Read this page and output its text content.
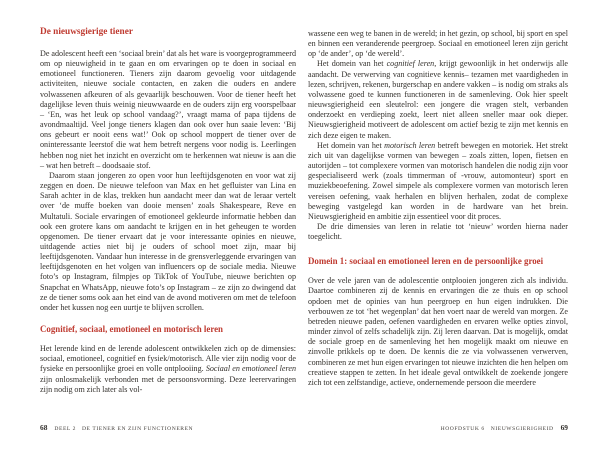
De nieuwsgierige tiener

De adolescent heeft een ‘sociaal brein’ dat als het ware is voorgeprogrammeerd om op nieuwigheid in te gaan en om ervaringen op te doen in sociaal en emotioneel functioneren. Tieners zijn daarom gevoelig voor uitdagende activiteiten, nieuwe sociale contacten, en zaken die ouders en andere volwassenen afkeuren of als gevaarlijk beschouwen. Voor de tiener heeft het dagelijkse leven thuis weinig nieuwwaarde en de ouders zijn erg voorspelbaar – ‘En, was het leuk op school vandaag?’, vraagt mama of papa tijdens de avondmaaltijd. Veel jonge tieners klagen dan ook over hun saaie leven: ‘Bij ons gebeurt er nooit eens wat!’ Ook op school moppert de tiener over de oninteressante leerstof die wat hem betreft nergens voor nodig is. Leerlingen hebben nog niet het inzicht en overzicht om te herkennen wat nieuw is aan die – wat hen betreft – doodsaaie stof.

Daarom staan jongeren zo open voor hun leeftijdsgenoten en voor wat zij zeggen en doen. De nieuwe telefoon van Max en het gefluister van Lina en Sarah achter in de klas, trekken hun aandacht meer dan wat de leraar vertelt over ‘de muffe boeken van dooie mensen’ zoals Shakespeare, Reve en Multatuli. Sociale ervaringen of emotioneel gekleurde informatie hebben dan ook een grotere kans om aandacht te krijgen en in het geheugen te worden opgenomen. De tiener ervaart dat je voor interessante opinies en nieuwe, uitdagende acties niet bij je ouders of school moet zijn, maar bij leeftijdsgenoten. Vandaar hun interesse in de grensverleggende ervaringen van leeftijdsgenoten en het volgen van influencers op de sociale media. Nieuwe foto’s op Instagram, filmpjes op TikTok of YouTube, nieuwe berichten op Snapchat en WhatsApp, nieuwe foto’s op Instagram – ze zijn zo dwingend dat ze de tiener soms ook aan het eind van de avond motiveren om met de telefoon onder het kussen nog een uurtje te blijven scrollen.

Cognitief, sociaal, emotioneel en motorisch leren

Het lerende kind en de lerende adolescent ontwikkelen zich op de dimensies: sociaal, emotioneel, cognitief en fysiek/motorisch. Alle vier zijn nodig voor de fysieke en persoonlijke groei en volle ontplooiing. Sociaal en emotioneel leren zijn onlosmakelijk verbonden met de persoonsvorming. Deze leerervaringen zijn nodig om zich later als vol-

wassene een weg te banen in de wereld; in het gezin, op school, bij sport en spel en binnen een veranderende peergroep. Sociaal en emotioneel leren zijn gericht op ‘de ander’, op ‘de wereld’.

Het domein van het cognitief leren, krijgt gewoonlijk in het onderwijs alle aandacht. De verwerving van cognitieve kennis– tezamen met vaardigheden in lezen, schrijven, rekenen, burgerschap en andere vakken – is nodig om straks als volwassene goed te kunnen functioneren in de samenleving. Ook hier speelt nieuwsgierigheid een sleutelrol: een jongere die vragen stelt, verbanden onderzoekt en verdieping zoekt, leert niet alleen sneller maar ook dieper. Nieuwsgierigheid motiveert de adolescent om actief bezig te zijn met kennis en zich deze eigen te maken.

Het domein van het motorisch leren betreft bewegen en motoriek. Het strekt zich uit van dagelijkse vormen van bewegen – zoals zitten, lopen, fietsen en autorijden – tot complexere vormen van motorisch handelen die nodig zijn voor gespecialiseerd werk (zoals timmerman of -vrouw, automonteur) sport en muziekbeoefening. Zowel simpele als complexere vormen van motorisch leren vereisen oefening, vaak herhalen en blijven herhalen, zodat de complexe beweging vastgelegd kan worden in de hardware van het brein. Nieuwsgierigheid en ambitie zijn essentieel voor dit proces.

De drie dimensies van leren in relatie tot ‘nieuw’ worden hierna nader toegelicht.

Domein 1: sociaal en emotioneel leren en de persoonlijke groei

Over de vele jaren van de adolescentie ontplooien jongeren zich als individu. Daartoe combineren zij de kennis en ervaringen die ze thuis en op school opdoen met de opinies van hun peergroep en hun eigen indrukken. Die verbouwen ze tot ‘het wegenplan’ dat hen voert naar de wereld van morgen. Ze betreden nieuwe paden, oefenen vaardigheden en ervaren welke opties zinvol, minder zinvol of zelfs schadelijk zijn. Zij leren daarvan. Dat is mogelijk, omdat de sociale groep en de samenleving het hen mogelijk maakt om nieuwe en zinvolle prikkels op te doen. De kennis die ze via volwassenen verwerven, combineren ze met hun eigen ervaringen tot nieuwe inzichten die hen helpen om creatieve stappen te zetten. In het ideale geval ontwikkelt de zoekende jongere zich tot een zelfstandige, actieve, ondernemende persoon die meerdere

68 DEEL 2 DE TIENER EN ZIJN FUNCTIONEREN	HOOFDSTUK 6 NIEUWSGIERIGHEID 69
